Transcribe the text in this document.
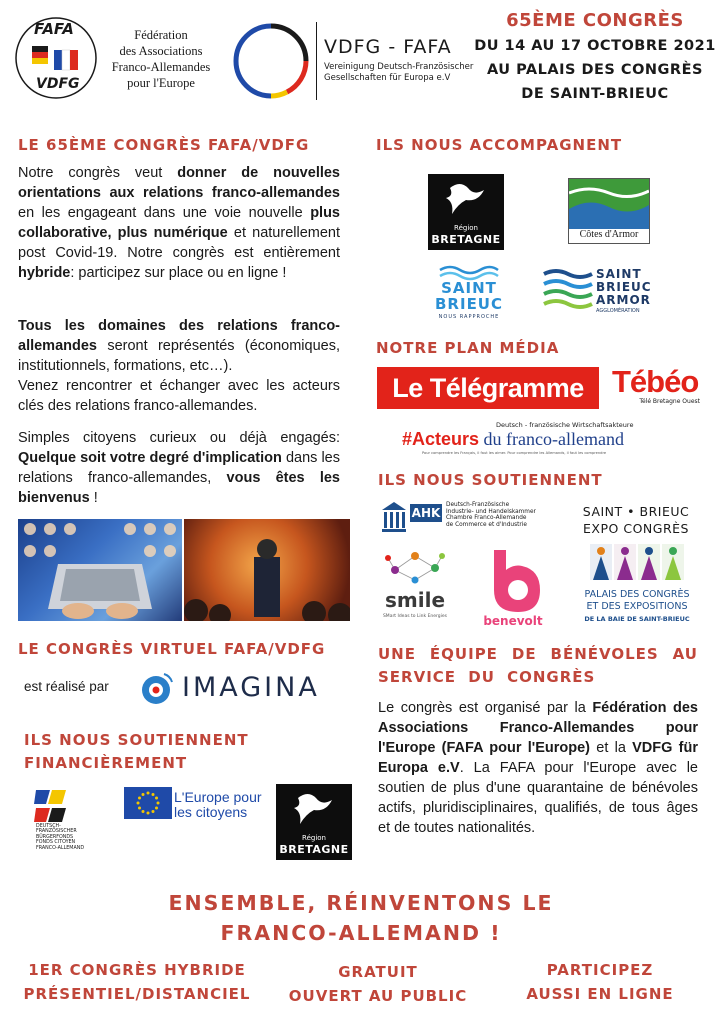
FAFA
VDFG
Fédération
des Associations
Franco-Allemandes
pour l'Europe
VDFG - FAFA
Vereinigung Deutsch-Französischer
Gesellschaften für Europa e.V
65ÈME CONGRÈS
DU 14 AU 17 OCTOBRE 2021
AU PALAIS DES CONGRÈS
DE SAINT-BRIEUC
LE 65ÈME CONGRÈS FAFA/VDFG
Notre congrès veut donner de nouvelles orientations aux relations franco-allemandes en les engageant dans une voie nouvelle plus collaborative, plus numérique et naturellement post Covid-19. Notre congrès est entièrement hybride: participez sur place ou en ligne !
Tous les domaines des relations franco-allemandes seront représentés (économiques, institutionnels, formations, etc…).
Venez rencontrer et échanger avec les acteurs clés des relations franco-allemandes.
Simples citoyens curieux ou déjà engagés: Quelque soit votre degré d'implication dans les relations franco-allemandes, vous êtes les bienvenus !
LE CONGRÈS VIRTUEL FAFA/VDFG
est réalisé par	IMAGINA
ILS NOUS SOUTIENNENT
FINANCIÈREMENT
DEUTSCH-
FRANZÖSISCHER
BÜRGERFONDS
FONDS CITOYEN
FRANCO-ALLEMAND
L'Europe pour
les citoyens
Région
BRETAGNE
ILS NOUS ACCOMPAGNENT
Région
BRETAGNE	Côtes d'Armor
SAINT
BRIEUC
NOUS RAPPROCHE
SAINT
BRIEUC
ARMOR
AGGLOMÉRATION
NOTRE PLAN MÉDIA
Le Télégramme Tébéo
Télé Bretagne Ouest
Deutsch - französische Wirtschaftsakteure
#Acteurs du franco-allemand
Pour comprendre les Français, il faut les aimer. Pour comprendre les Allemands, il faut les comprendre
ILS NOUS SOUTIENNENT
AHK
Deutsch-Französische
Industrie- und Handelskammer
Chambre Franco-Allemande
de Commerce et d'Industrie
SAINT • BRIEUC
EXPO CONGRÈS
PALAIS DES CONGRÈS
ET DES EXPOSITIONS
DE LA BAIE DE SAINT-BRIEUC
smile
SMart Ideas to Link Energies	benevolt
UNE ÉQUIPE DE BÉNÉVOLES AU SERVICE DU CONGRÈS
Le congrès est organisé par la Fédération des Associations Franco-Allemandes pour l'Europe (FAFA pour l'Europe) et la VDFG für Europa e.V. La FAFA pour l'Europe avec le soutien de plus d'une quarantaine de bénévoles actifs, pluridisciplinaires, qualifiés, de tous âges et de toutes nationalités.
ENSEMBLE, RÉINVENTONS LE
FRANCO-ALLEMAND !
1ER CONGRÈS HYBRIDE
PRÉSENTIEL/DISTANCIEL
GRATUIT
OUVERT AU PUBLIC
PARTICIPEZ
AUSSI EN LIGNE
